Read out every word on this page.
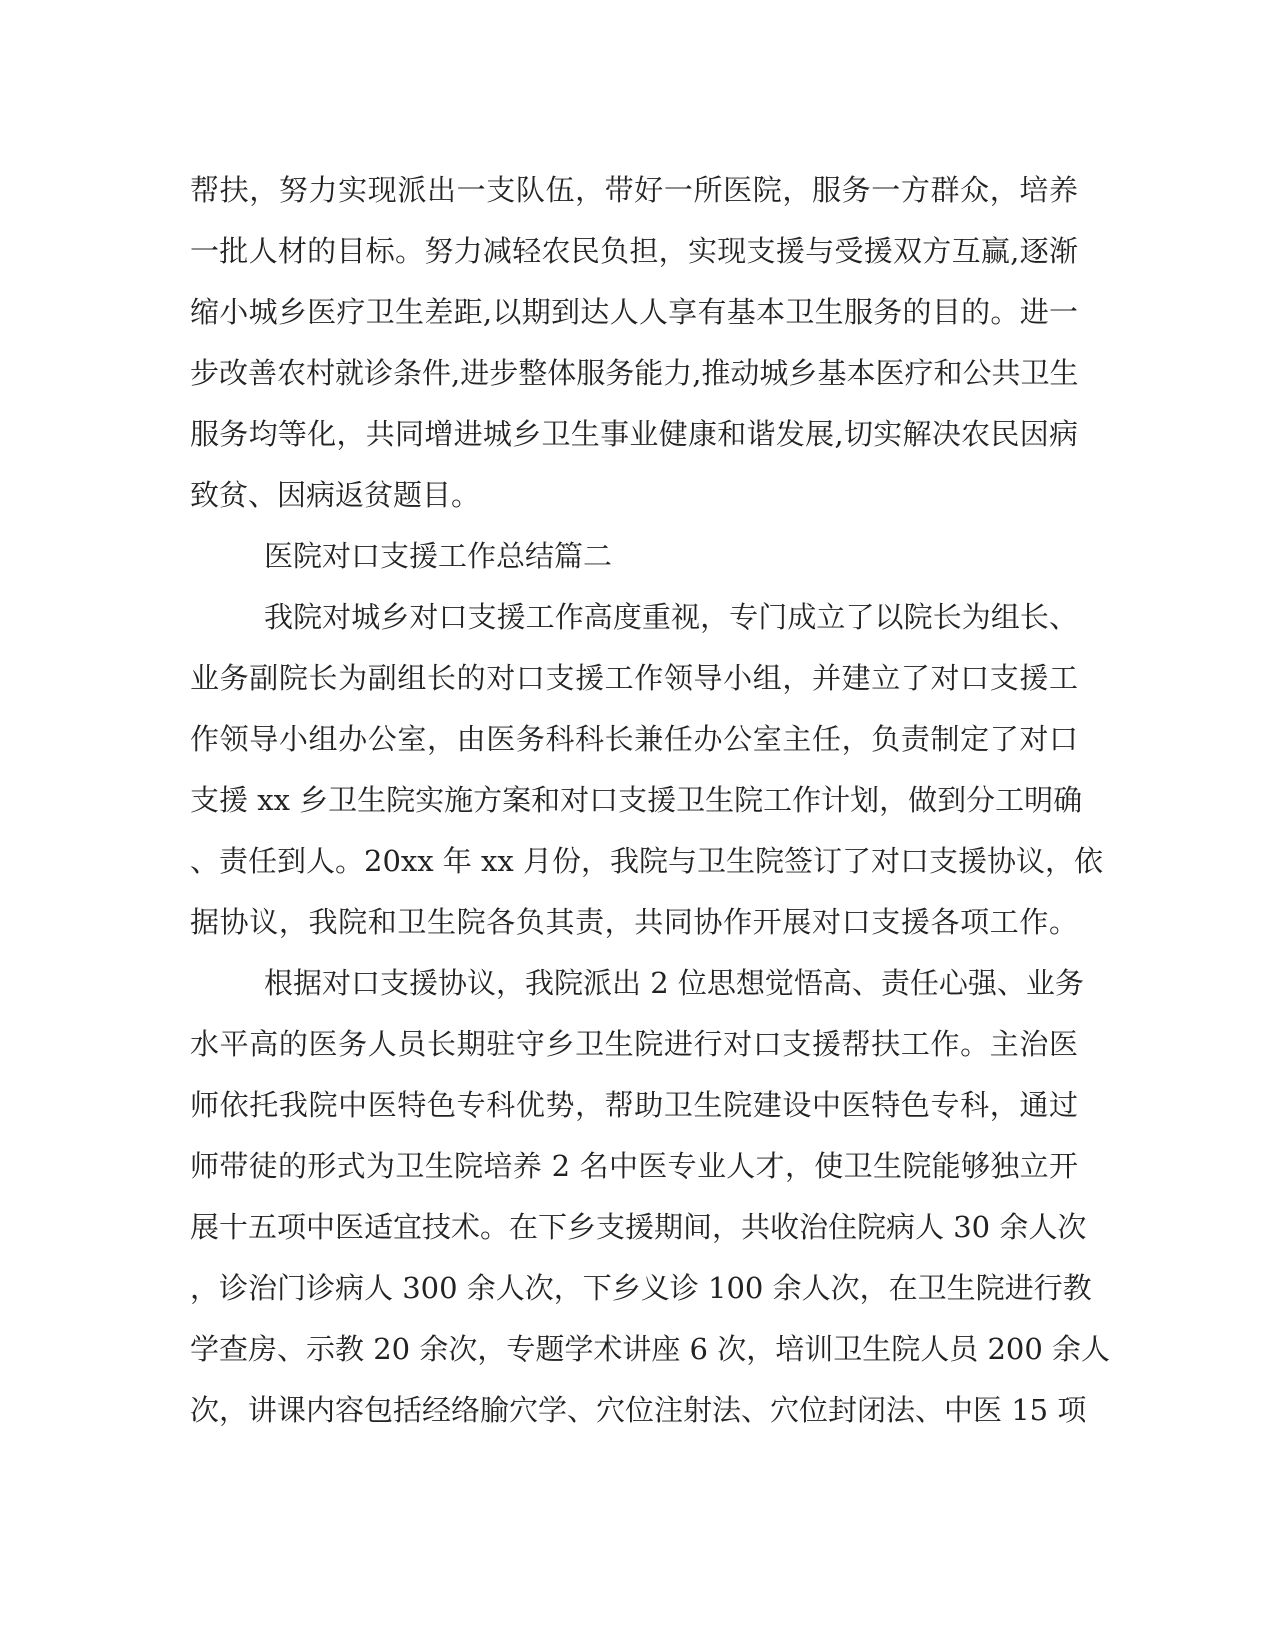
帮扶，努力实现派出一支队伍，带好一所医院，服务一方群众，培养
一批人材的目标。努力减轻农民负担，实现支援与受援双方互赢,逐渐
缩小城乡医疗卫生差距,以期到达人人享有基本卫生服务的目的。进一
步改善农村就诊条件,进步整体服务能力,推动城乡基本医疗和公共卫生
服务均等化，共同增进城乡卫生事业健康和谐发展,切实解决农民因病
致贫、因病返贫题目。
医院对口支援工作总结篇二
我院对城乡对口支援工作高度重视，专门成立了以院长为组长、
业务副院长为副组长的对口支援工作领导小组，并建立了对口支援工
作领导小组办公室，由医务科科长兼任办公室主任，负责制定了对口
支援 xx 乡卫生院实施方案和对口支援卫生院工作计划，做到分工明确
、责任到人。20xx 年 xx 月份，我院与卫生院签订了对口支援协议，依
据协议，我院和卫生院各负其责，共同协作开展对口支援各项工作。
根据对口支援协议，我院派出 2 位思想觉悟高、责任心强、业务
水平高的医务人员长期驻守乡卫生院进行对口支援帮扶工作。主治医
师依托我院中医特色专科优势，帮助卫生院建设中医特色专科，通过
师带徒的形式为卫生院培养 2 名中医专业人才，使卫生院能够独立开
展十五项中医适宜技术。在下乡支援期间，共收治住院病人 30 余人次
，诊治门诊病人 300 余人次，下乡义诊 100 余人次，在卫生院进行教
学查房、示教 20 余次，专题学术讲座 6 次，培训卫生院人员 200 余人
次，讲课内容包括经络腧穴学、穴位注射法、穴位封闭法、中医 15 项
